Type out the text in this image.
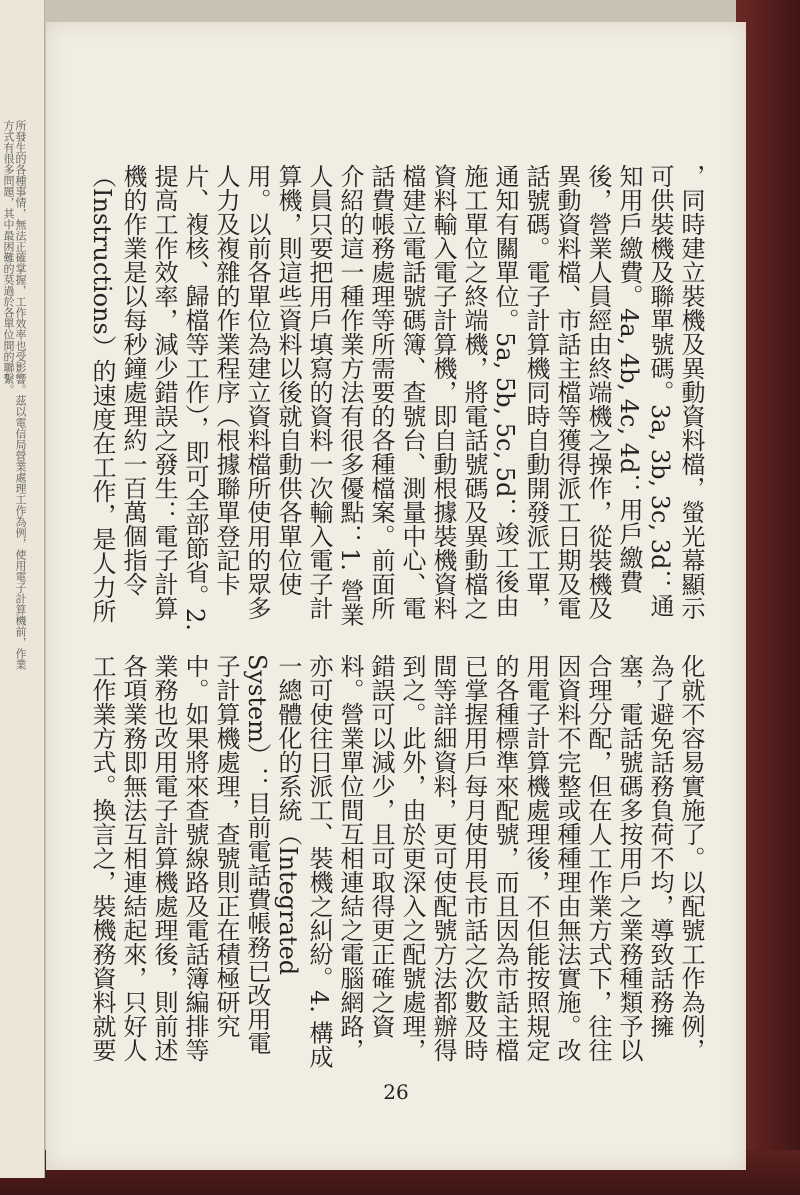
所發生的各種事情，無法正確掌握，工作效率也受影響。茲以電信局營業處理工作為例，使用電子計算機前，作業方式有很多問題，其中最困難的莫過於各單位間的聯繫。	，同時建立裝機及異動資料檔，螢光幕顯示可供裝機及聯單號碼。3a, 3b, 3c, 3d：通知用戶繳費。4a, 4b, 4c, 4d：用戶繳費後，營業人員經由終端機之操作，從裝機及異動資料檔、市話主檔等獲得派工日期及電話號碼。電子計算機同時自動開發派工單，通知有關單位。5a, 5b, 5c, 5d：竣工後由施工單位之終端機，將電話號碼及異動檔之資料輸入電子計算機，即自動根據裝機資料檔建立電話號碼簿、查號台、測量中心、電話費帳務處理等所需要的各種檔案。前面所介紹的這一種作業方法有很多優點：1. 營業人員只要把用戶填寫的資料一次輸入電子計算機，則這些資料以後就自動供各單位使用。以前各單位為建立資料檔所使用的眾多人力及複雜的作業程序（根據聯單登記卡片、複核、歸檔等工作），即可全部節省。2. 提高工作效率，減少錯誤之發生：電子計算機的作業是以每秒鐘處理約一百萬個指令（Instructions）的速度在工作，是人力所

化就不容易實施了。以配號工作為例，為了避免話務負荷不均，導致話務擁塞，電話號碼多按用戶之業務種類予以合理分配，但在人工作業方式下，往往因資料不完整或種種理由無法實施。改用電子計算機處理後，不但能按照規定的各種標準來配號，而且因為市話主檔已掌握用戶每月使用長市話之次數及時間等詳細資料，更可使配號方法都辦得到之。此外，由於更深入之配號處理，錯誤可以減少，且可取得更正確之資料。營業單位間互相連結之電腦網路，亦可使往日派工、裝機之糾紛。4. 構成一總體化的系統（Integrated System）：目前電話費帳務已改用電子計算機處理，查號則正在積極研究中。如果將來查號線路及電話簿編排等業務也改用電子計算機處理後，則前述各項業務即無法互相連結起來，只好人工作業方式。換言之，裝機務資料就要

26
